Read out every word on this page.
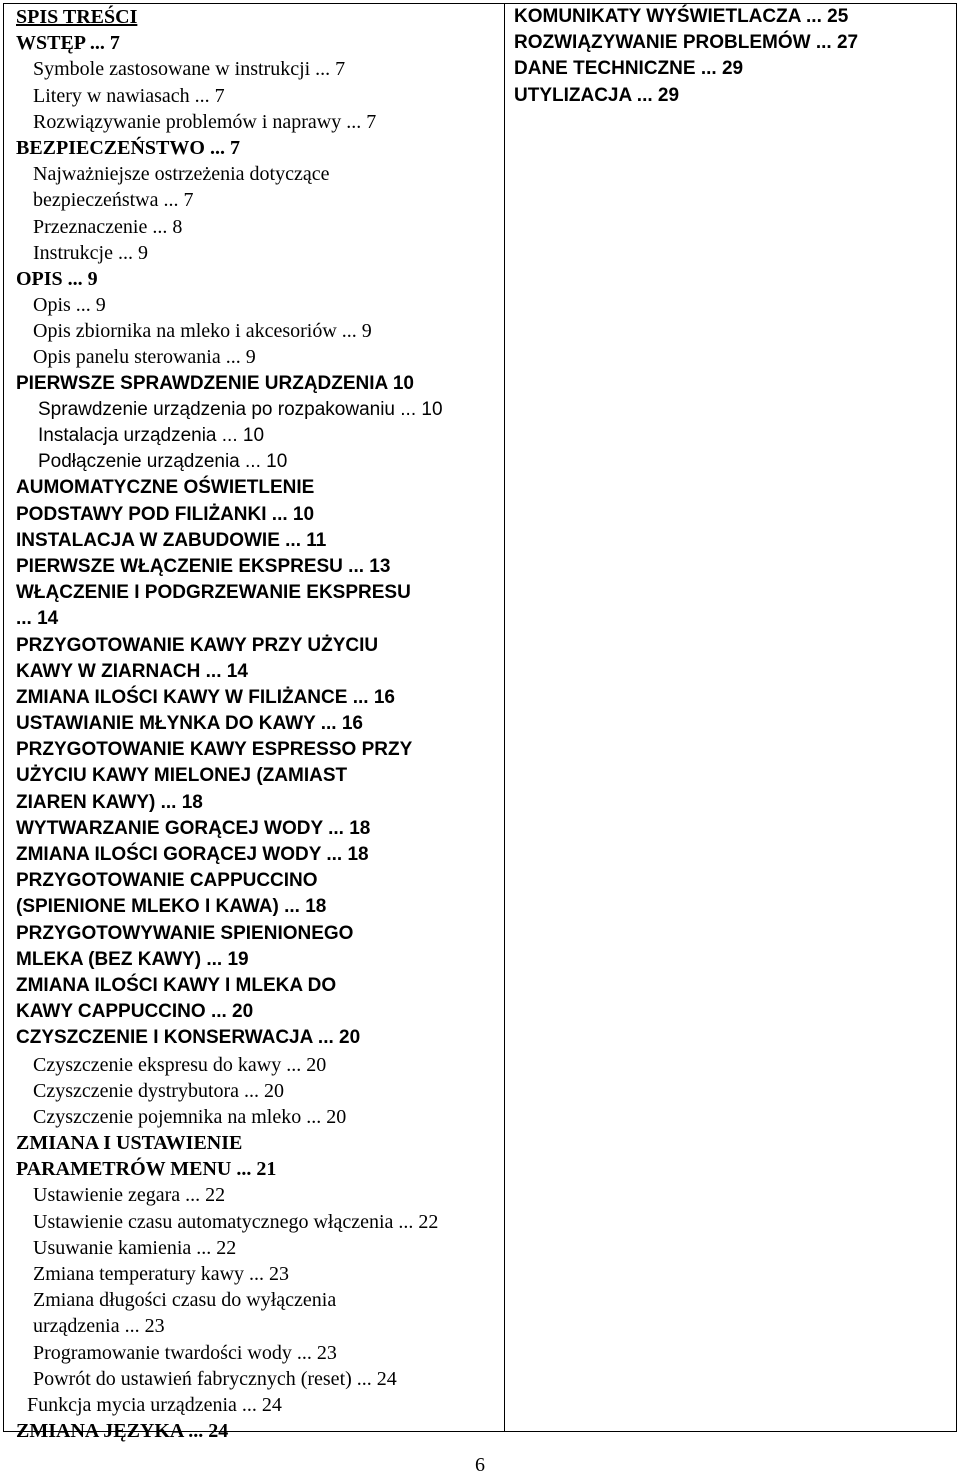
SPIS TREŚCI
WSTĘP ... 7
Symbole zastosowane w instrukcji ... 7
Litery w nawiasach ... 7
Rozwiązywanie problemów i naprawy ... 7
BEZPIECZEŃSTWO ... 7
Najważniejsze ostrzeżenia dotyczące
bezpieczeństwa ... 7
Przeznaczenie ... 8
Instrukcje ... 9
OPIS ... 9
Opis ... 9
Opis zbiornika na mleko i akcesoriów ... 9
Opis panelu sterowania ... 9
PIERWSZE SPRAWDZENIE URZĄDZENIA 10
Sprawdzenie urządzenia po rozpakowaniu ... 10
Instalacja urządzenia ... 10
Podłączenie urządzenia ... 10
AUMOMATYCZNE OŚWIETLENIE
PODSTAWY POD FILIŻANKI ... 10
INSTALACJA W ZABUDOWIE ... 11
PIERWSZE WŁĄCZENIE EKSPRESU ... 13
WŁĄCZENIE I PODGRZEWANIE EKSPRESU
... 14
PRZYGOTOWANIE KAWY PRZY UŻYCIU
KAWY W ZIARNACH ... 14
ZMIANA ILOŚCI KAWY W FILIŻANCE ... 16
USTAWIANIE MŁYNKA DO KAWY ... 16
PRZYGOTOWANIE KAWY ESPRESSO PRZY
UŻYCIU KAWY MIELONEJ (ZAMIAST
ZIAREN KAWY) ... 18
WYTWARZANIE GORĄCEJ WODY ... 18
ZMIANA ILOŚCI GORĄCEJ WODY ... 18
PRZYGOTOWANIE CAPPUCCINO
(SPIENIONE MLEKO I KAWA) ... 18
PRZYGOTOWYWANIE SPIENIONEGO
MLEKA (BEZ KAWY) ... 19
ZMIANA ILOŚCI KAWY I MLEKA DO
KAWY CAPPUCCINO ... 20
CZYSZCZENIE I KONSERWACJA ... 20
Czyszczenie ekspresu do kawy ... 20
Czyszczenie dystrybutora ... 20
Czyszczenie pojemnika na mleko ... 20
ZMIANA I USTAWIENIE
PARAMETRÓW MENU ... 21
Ustawienie zegara ... 22
Ustawienie czasu automatycznego włączenia ... 22
Usuwanie kamienia ... 22
Zmiana temperatury kawy ... 23
Zmiana długości czasu do wyłączenia
urządzenia ... 23
Programowanie twardości wody ... 23
Powrót do ustawień fabrycznych (reset) ... 24
Funkcja mycia urządzenia ... 24
ZMIANA JĘZYKA ... 24
KOMUNIKATY WYŚWIETLACZA ... 25
ROZWIĄZYWANIE PROBLEMÓW ... 27
DANE TECHNICZNE ... 29
UTYLIZACJA ... 29
6
